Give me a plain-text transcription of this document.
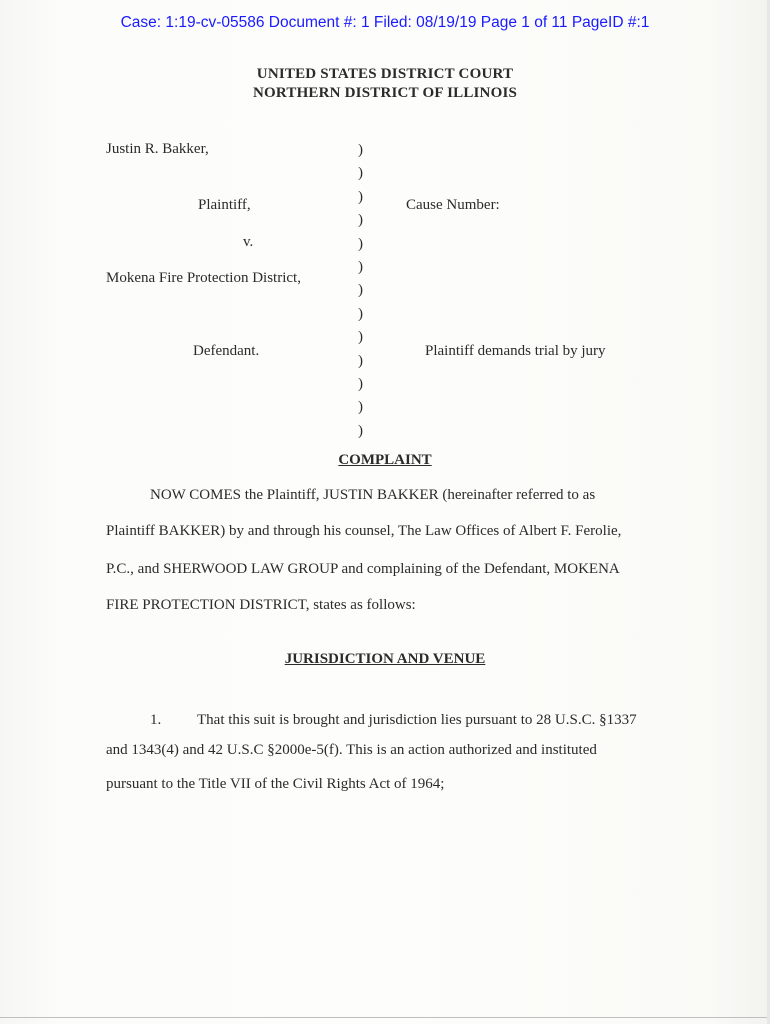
Case: 1:19-cv-05586 Document #: 1 Filed: 08/19/19 Page 1 of 11 PageID #:1
UNITED STATES DISTRICT COURT
NORTHERN DISTRICT OF ILLINOIS
Justin R. Bakker,
Plaintiff,
v.
Mokena Fire Protection District,
Defendant.
)
)
)
)
)
)
)
)
)
)
)
)
)
Cause Number:
Plaintiff demands trial by jury
COMPLAINT
NOW COMES the Plaintiff, JUSTIN BAKKER (hereinafter referred to as
Plaintiff BAKKER) by and through his counsel, The Law Offices of Albert F. Ferolie,
P.C., and SHERWOOD LAW GROUP and complaining of the Defendant, MOKENA
FIRE PROTECTION DISTRICT, states as follows:
JURISDICTION AND VENUE
1. That this suit is brought and jurisdiction lies pursuant to 28 U.S.C. §1337
and 1343(4) and 42 U.S.C §2000e-5(f). This is an action authorized and instituted
pursuant to the Title VII of the Civil Rights Act of 1964;
